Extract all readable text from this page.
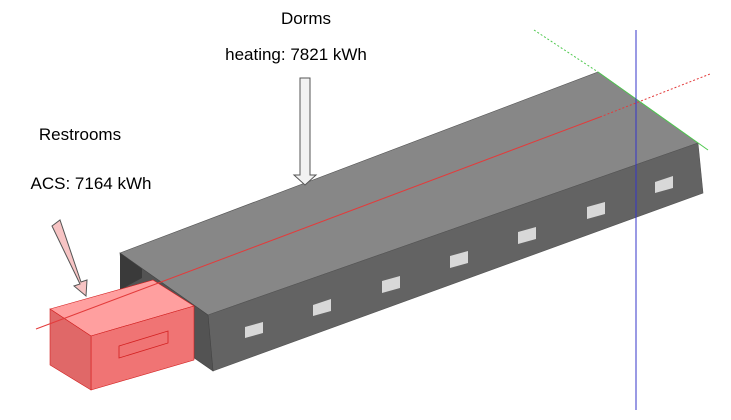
Dorms
heating: 7821 kWh
Restrooms
ACS: 7164 kWh
